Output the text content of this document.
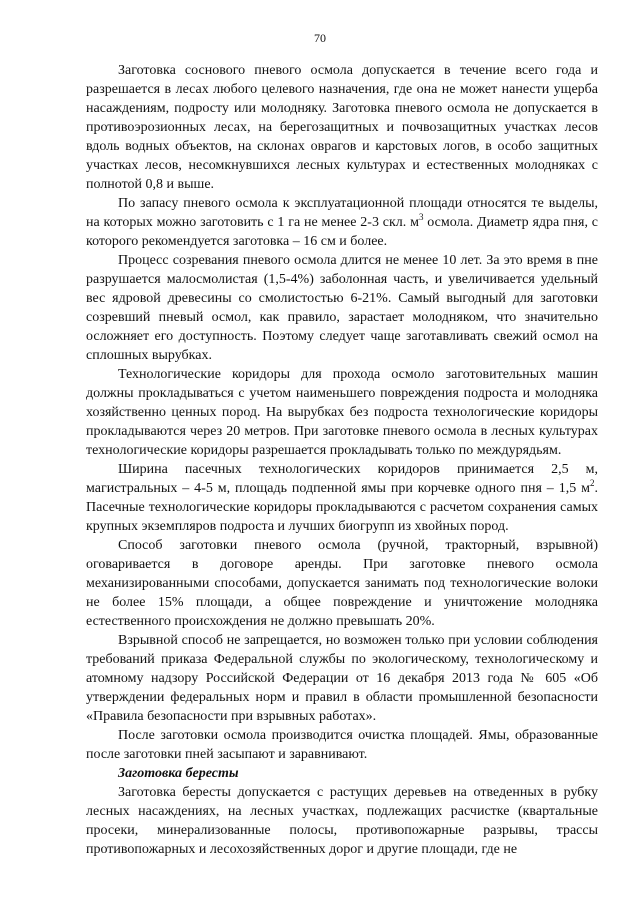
70

Заготовка соснового пневого осмола допускается в течение всего года и разрешается в лесах любого целевого назначения, где она не может нанести ущерба насаждениям, подросту или молодняку. Заготовка пневого осмола не допускается в противоэрозионных лесах, на берегозащитных и почвозащитных участках лесов вдоль водных объектов, на склонах оврагов и карстовых логов, в особо защитных участках лесов, несомкнувшихся лесных культурах и естественных молодняках с полнотой 0,8 и выше.

По запасу пневого осмола к эксплуатационной площади относятся те выделы, на которых можно заготовить с 1 га не менее 2-3 скл. $м^3$ осмола. Диаметр ядра пня, с которого рекомендуется заготовка – 16 см и более.

Процесс созревания пневого осмола длится не менее 10 лет. За это время в пне разрушается малосмолистая (1,5-4%) заболонная часть, и увеличивается удельный вес ядровой древесины со смолистостью 6-21%. Самый выгодный для заготовки созревший пневый осмол, как правило, зарастает молодняком, что значительно осложняет его доступность. Поэтому следует чаще заготавливать свежий осмол на сплошных вырубках.

Технологические коридоры для прохода осмоло заготовительных машин должны прокладываться с учетом наименьшего повреждения подроста и молодняка хозяйственно ценных пород. На вырубках без подроста технологические коридоры прокладываются через 20 метров. При заготовке пневого осмола в лесных культурах технологические коридоры разрешается прокладывать только по междурядьям.

Ширина пасечных технологических коридоров принимается 2,5 м, магистральных – 4-5 м, площадь подпенной ямы при корчевке одного пня – 1,5 $м^2$. Пасечные технологические коридоры прокладываются с расчетом сохранения самых крупных экземпляров подроста и лучших биогрупп из хвойных пород.

Способ заготовки пневого осмола (ручной, тракторный, взрывной) оговаривается в договоре аренды. При заготовке пневого осмола механизированными способами, допускается занимать под технологические волоки не более 15% площади, а общее повреждение и уничтожение молодняка естественного происхождения не должно превышать 20%.

Взрывной способ не запрещается, но возможен только при условии соблюдения требований приказа Федеральной службы по экологическому, технологическому и атомному надзору Российской Федерации от 16 декабря 2013 года № 605 «Об утверждении федеральных норм и правил в области промышленной безопасности «Правила безопасности при взрывных работах».

После заготовки осмола производится очистка площадей. Ямы, образованные после заготовки пней засыпают и заравнивают.

Заготовка бересты

Заготовка бересты допускается с растущих деревьев на отведенных в рубку лесных насаждениях, на лесных участках, подлежащих расчистке (квартальные просеки, минерализованные полосы, противопожарные разрывы, трассы противопожарных и лесохозяйственных дорог и другие площади, где не
